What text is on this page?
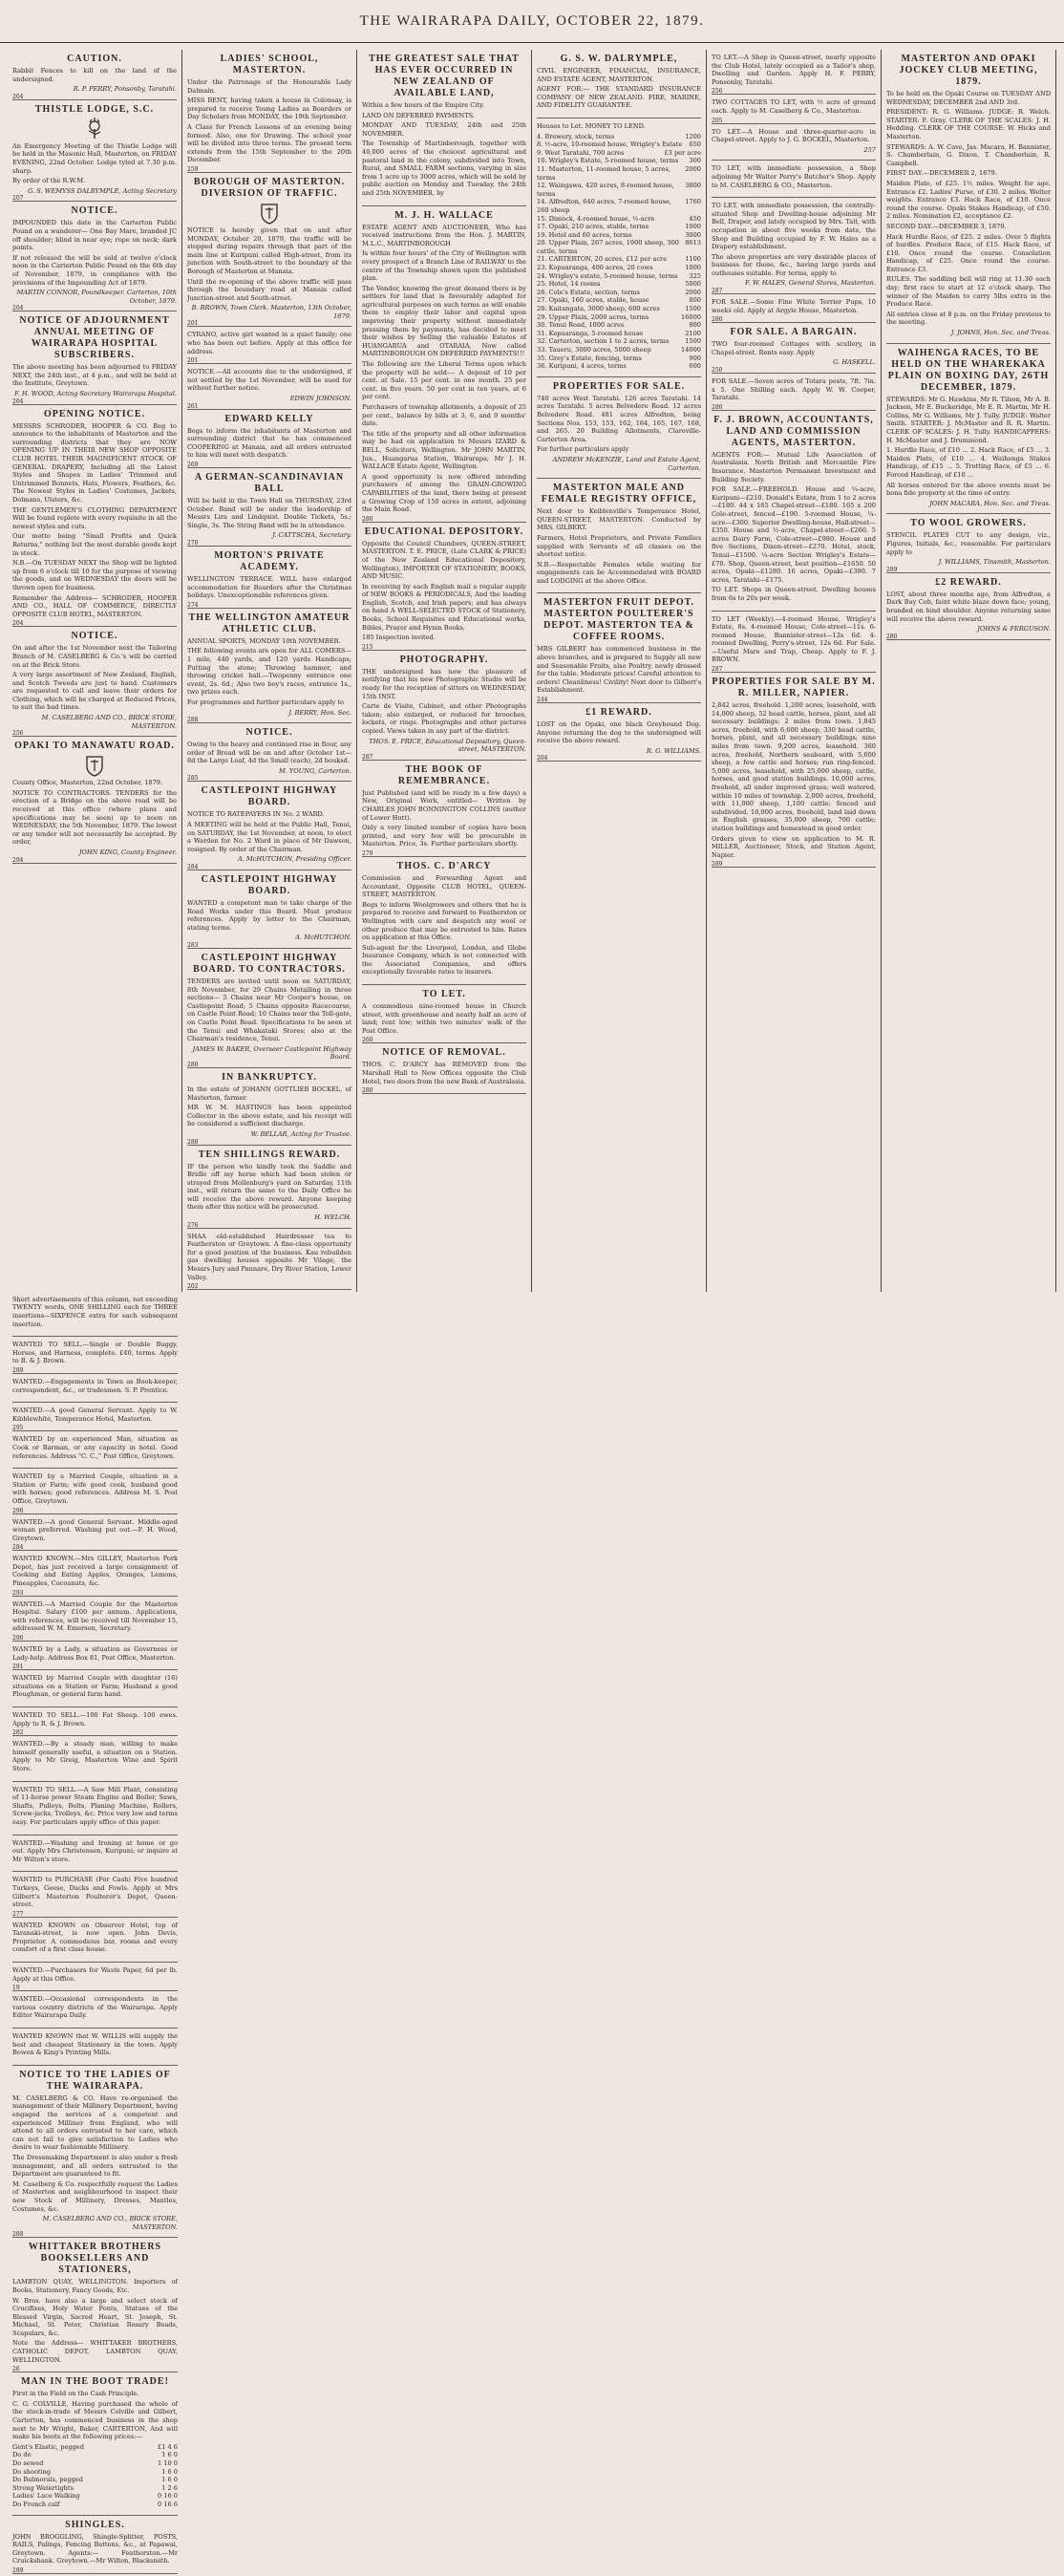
THE WAIRARAPA DAILY, OCTOBER 22, 1879.
CAUTION.

Rabbit Fences to kill on the land of the undersigned.

R. P. PERRY, Ponsonby, Taratahi.
204
THISTLE LODGE, S.C.

An Emergency Meeting of the Thistle Lodge will be held in the Masonic Hall, Masterton, on FRIDAY EVENING, 22nd October. Lodge tyled at 7.30 p.m. sharp.

By order of the R.W.M.

G. S. WEMYSS DALRYMPLE, Acting Secretary
207
NOTICE.

IMPOUNDED this date in the Carterton Public Pound on a wanderer— One Bay Mare, branded JC off shoulder; blind in near eye; rope on neck; dark points.

If not released the will be sold at twelve o'clock noon in the Carterton Public Pound on the 6th day of November, 1879, in compliance with the provisions of the Impounding Act of 1879.

MARTIN CONNOR, Poundkeeper. Carterton, 10th October, 1879.
204
NOTICE OF ADJOURNMENT ANNUAL MEETING OF WAIRARAPA HOSPITAL SUBSCRIBERS.

The above meeting has been adjourned to FRIDAY NEXT, the 24th inst., at 4 p.m., and will be held at the Institute, Greytown.

F. H. WOOD, Acting Secretary Wairarapa Hospital.
204
OPENING NOTICE.

MESSRS SCHRODER, HOOPER & CO. Beg to announce to the inhabitants of Masterton and the surrounding districts that they are NOW OPENING UP IN THEIR NEW SHOP OPPOSITE CLUB HOTEL THEIR MAGNIFICENT STOCK OF GENERAL DRAPERY, Including all the Latest Styles and Shapes in Ladies' Trimmed and Untrimmed Bonnets, Hats, Flowers, Feathers, &c. The Newest Styles in Ladies' Costumes, Jackets, Dolmans, Ulsters, &c.

THE GENTLEMEN'S CLOTHING DEPARTMENT Will be found replete with every requisite in all the newest styles and cuts.

Our motto being "Small Profits and Quick Returns," nothing but the most durable goods kept in stock.

N.B.—On TUESDAY NEXT the Shop will be lighted up from 6 o'clock till 10 for the purpose of viewing the goods, and on WEDNESDAY the doors will be thrown open for business.

Remember the Address— SCHRODER, HOOPER AND CO., HALL OF COMMERCE, DIRECTLY OPPOSITE CLUB HOTEL, MASTERTON.

204
NOTICE.

On and after the 1st November next the Tailoring Branch of M. CASELBERG & Co.'s will be carried on at the Brick Store.

A very large assortment of New Zealand, English, and Scotch Tweeds are just to hand. Customers are requested to call and leave their orders for Clothing, which will be charged at Reduced Prices, to suit the bad times.

M. CASELBERG AND CO., BRICK STORE, MASTERTON.
256
OPAKI TO MANAWATU ROAD.

County Office, Masterton, 22nd October, 1879.

NOTICE TO CONTRACTORS. TENDERS for the erection of a Bridge on the above road will be received at this office (where plans and specifications may be seen) up to noon on WEDNESDAY, the 5th November, 1879. The lowest or any tender will not necessarily be accepted. By order,

JOHN KING, County Engineer.
294
LADIES' SCHOOL, MASTERTON.

Under the Patronage of the Honourable Lady Dalmain.

MISS BENT, having taken a house in Colonsay, is prepared to receive Young Ladies as Boarders or Day Scholars from MONDAY, the 19th September.

A Class for French Lessons of an evening being formed. Also, one for Drawing. The school year will be divided into three terms. The present term extends from the 15th September to the 20th December.

259
BOROUGH OF MASTERTON. DIVERSION OF TRAFFIC.

NOTICE is hereby given that on and after MONDAY, October 20, 1879, the traffic will be stopped during repairs through that part of the main line at Kuripuni called High-street, from its junction with South-street to the boundary of the Borough of Masterton at Manaia.

Until the re-opening of the above traffic will pass through the boundary road at Manaia called Junction-street and South-street.

B. BROWN, Town Clerk. Masterton, 13th October, 1879.
201

CYRANO, active girl wanted in a quiet family; one who has been out before. Apply at this office for address.

201

NOTICE.—All accounts due to the undersigned, if not settled by the 1st November, will be sued for without further notice.

EDWIN JOHNSON.
261
EDWARD KELLY

Begs to inform the inhabitants of Masterton and surrounding district that he has commenced COOPERING at Manaia, and all orders entrusted to him will meet with despatch.

269
A GERMAN-SCANDINAVIAN BALL

Will be held in the Town Hall on THURSDAY, 23rd October. Band will be under the leadership of Messrs Lira and Lindquist. Double Tickets, 5s.; Single, 3s. The String Band will be in attendance.

J. CATTSCHA, Secretary.
270
MORTON'S PRIVATE ACADEMY.

WELLINGTON TERRACE. WILL have enlarged accommodation for Boarders after the Christmas holidays. Unexceptionable references given.

274
THE WELLINGTON AMATEUR ATHLETIC CLUB.

ANNUAL SPORTS, MONDAY 10th NOVEMBER.

THE following events are open for ALL COMERS— 1 mile, 440 yards, and 120 yards Handicaps; Putting the stone; Throwing hammer, and throwing cricket ball.—Twopenny entrance one event, 2s. 6d.; Also two boy's races, entrance 1s., two prizes each.

For programmes and further particulars apply to

J. BERRY, Hon. Sec.
288
NOTICE.

Owing to the heavy and continued rise in flour, any order of Bread will be on and after October 1st— 8d the Large Loaf, 4d the Small (each), 2d bouksd.

M. YOUNG, Carterton.
285
CASTLEPOINT HIGHWAY BOARD.

NOTICE TO RATEPAYERS IN No. 2 WARD.

A MEETING will be held at the Public Hall, Tenui, on SATURDAY, the 1st November, at noon, to elect a Warden for No. 2 Ward in place of Mr Dawson, resigned. By order of the Chairman.

A. McHUTCHON, Presiding Officer.
284
CASTLEPOINT HIGHWAY BOARD.

WANTED a competent man to take charge of the Road Works under this Board. Must produce references. Apply by letter to the Chairman, stating terms.

A. McHUTCHON.
283
CASTLEPOINT HIGHWAY BOARD. TO CONTRACTORS.

TENDERS are invited until noon on SATURDAY, 8th November, for 29 Chains Metalling in three sections— 5 Chains near Mr Cooper's house, on Castlepoint Road; 5 Chains opposite Racecourse, on Castle Point Road; 10 Chains near the Toll-gate, on Castle Point Road. Specifications to be seen at the Tenui and Whakataki Stores; also at the Chairman's residence, Tenui.

JAMES W. BAKER, Overseer Castlepoint Highway Board.
280
IN BANKRUPTCY.

In the estate of JOHANN GOTTLIEB BOCKEL, of Masterton, farmer.

MR W. M. HASTINGS has been appointed Collector in the above estate, and his receipt will be considered a sufficient discharge.

W. BELLAR, Acting for Trustee.
288
TEN SHILLINGS REWARD.

IF the person who kindly took the Saddle and Bridle off my horse which had been stolen or strayed from Mollenburg's yard on Saturday, 11th inst., will return the same to the Daily Office he will receive the above reward. Anyone keeping them after this notice will be prosecuted.

H. WELCH.
276

SHAA old-established Hairdresser tea to Featherston or Greytown. A fine-class opportunity for a good position of the business. Kau rebuilden gas dwelling houses opposite Mr Vilage, the Messrs Jury and Pannare, Dry River Station, Lower Valley.

202
THE GREATEST SALE THAT HAS EVER OCCURRED IN NEW ZEALAND OF AVAILABLE LAND,

Within a few hours of the Empire City.

LAND ON DEFERRED PAYMENTS.

MONDAY AND TUESDAY, 24th and 25th NOVEMBER.

The Township of Martinborough, together with 40,000 acres of the choicest agricultural and pastoral land in the colony, subdivided into Town, Rural, and SMALL FARM sections, varying in size from 1 acre up to 3000 acres, which will be sold by public auction on Monday and Tuesday, the 24th and 25th NOVEMBER, by

M. J. H. WALLACE

ESTATE AGENT AND AUCTIONEER, Who has received instructions from the Hon. J. MARTIN, M.L.C., MARTINBOROUGH

Is within four hours' of the City of Wellington with every prospect of a Branch Line of RAILWAY to the centre of the Township shown upon the published plan.

The Vendor, knowing the great demand there is by settlers for land that is favourably adapted for agricultural purposes on such terms as will enable them to employ their labor and capital upon improving their property without immediately pressing them by payments, has decided to meet their wishes by Selling the valuable Estates of HUANGARUA and OTARAIA, Now called MARTINBOROUGH ON DEFERRED PAYMENTS!!!

The following are the Liberal Terms upon which the property will be sold:— A deposit of 10 per cent. at Sale. 15 per cent. in one month. 25 per cent. in five years. 50 per cent in ten years, at 6 per cent.

Purchasers of township allotments, a deposit of 25 per cent., balance by bills at 3, 6, and 9 months' date.

The title of the property and all other information may be had on application to Messrs IZARD & BELL, Solicitors, Wellington. Mr JOHN MARTIN, Jun., Huangarua Station, Wairarapa; Mr J. H. WALLACE Estate Agent, Wellington.

A good opportunity is now offered intending purchasers of among the GRAIN-GROWING CAPABILITIES of the land, there being at present a Growing Crop of 150 acres in extent, adjoining the Main Road.

280
EDUCATIONAL DEPOSITORY.

Opposite the Council Chambers, QUEEN-STREET, MASTERTON. T. E. PRICE, (Late CLARK & PRICE) of the New Zealand Educational Depository, Wellington), IMPORTER OF STATIONERY, BOOKS, AND MUSIC.

In receiving by each English mail a regular supply of NEW BOOKS & PERIODICALS, And the leading English, Scotch, and Irish papers; and has always on hand A WELL-SELECTED STOCK of Stationery, Books, School Requisites and Educational works, Bibles, Prayer and Hymn Books.

185 Inspection invited.

215
PHOTOGRAPHY.

THE undersigned has now the pleasure of notifying that his new Photographic Studio will be ready for the reception of sitters on WEDNESDAY, 15th INST.

Carte de Visite, Cabinet, and other Photographs taken; also enlarged, or reduced for brooches, lockets, or rings. Photographs and other pictures copied. Views taken in any part of the district.

THOS. E. PRICE, Educational Depository, Queen-street, MASTERTON.
287
THE BOOK OF REMEMBRANCE.

Just Published (and will be ready in a few days) a New, Original Work, entitled— Written by CHARLES JOHN BONNINGTON COLLINS (author of Lower Hutt).

Only a very limited number of copies have been printed, and very few will be procurable in Masterton. Price, 3s. Further particulars shortly.

279
THOS. C. D'ARCY

Commission and Forwarding Agent and Accountant, Opposite CLUB HOTEL, QUEEN-STREET, MASTERTON.

Begs to inform Woolgrowers and others that he is prepared to receive and forward to Featherston or Wellington with care and despatch any wool or other produce that may be entrusted to him. Rates on application at this Office.

Sub-agent for the Liverpool, London, and Globe Insurance Company, which is not connected with the Associated Companies, and offers exceptionally favorable rates to insurers.

TO LET.

A commodious nine-roomed house in Church street, with greenhouse and nearly half an acre of land; rent low; within two minutes' walk of the Post Office.

260
NOTICE OF REMOVAL.

THOS. C. D'ARCY has REMOVED from the Marshall Hall to New Offices opposite the Club Hotel, two doors from the new Bank of Australasia.

280
G. S. W. DALRYMPLE,

CIVIL ENGINEER, FINANCIAL, INSURANCE, AND ESTATE AGENT, MASTERTON.

AGENT FOR:— THE STANDARD INSURANCE COMPANY OF NEW ZEALAND. FIRE, MARINE, AND FIDELITY GUARANTEE.

Houses to Let. MONEY TO LEND.

4. Brewery, stock, terms	1200
8. ½-acre, 10-roomed house, Wrigley's Estate 650
9. West Taratahi, 700 acres	£3 per acre
10. Wrigley's Estate, 5-roomed house, terms 300
11. Masterton, 11-roomed house, 5 acres, terms
2000
12. Waingawa, 420 acres, 8-roomed house, terms
3800
14. Alfredton, 640 acres, 7-roomed house, 260 sheep
1760
15. Dimock, 4-roomed house, ½-acre	450
17. Opaki, 210 acres, stable, terms	1000
19. Hotel and 60 acres, terms	3000
20. Upper Plain, 267 acres, 1900 sheep, 300 cattle, terms
8613
21. CARTERTON, 20 acres, £12 per acre	1100
23. Kopuaranga, 400 acres, 20 cows	1000
24. Wrigley's estate, 5-roomed house, terms 325
25. Hotel, 14 rooms	5000
26. Cole's Estate, section, terms	2000
27. Opaki, 160 acres, stable, house	800
28. Kaitangata, 3000 sheep, 600 acres	1500
29. Upper Plain, 2000 acres, terms	16000
30. Tenui Road, 1000 acres	800
31. Kopuaranga, 5-roomed house	2100
32. Carterton, section 1 to 2 acres, terms	1500
33. Taueru, 3000 acres, 5000 sheep	14000
35. Grey's Estate, fencing, terms	900
36. Kuripuni, 4 acres, terms	600
PROPERTIES FOR SALE.

740 acres West Taratahi. 126 acres Taratahi. 14 acres Taratahi. 5 acres Belvedere Road. 12 acres Belvedere Road. 481 acres Alfredton, being Sections Nos. 153, 153, 162, 164, 165, 167, 168, and 265. 20 Building Allotments, Clareville-Carterton Area.

For further particulars apply

ANDREW McKENZIE, Land and Estate Agent, Carterton.
MASTERTON MALE AND FEMALE REGISTRY OFFICE,

Next door to Keiblenville's Temperance Hotel, QUEEN-STREET, MASTERTON. Conducted by MRS. GILBERT.

Farmers, Hotel Proprietors, and Private Families supplied with Servants of all classes on the shortest notice.

N.B.—Respectable Females while waiting for engagements can be Accommodated with BOARD and LODGING at the above Office.

MASTERTON FRUIT DEPOT. MASTERTON POULTERER'S DEPOT. MASTERTON TEA & COFFEE ROOMS.

MRS GILBERT has commenced business in the above branches, and is prepared to Supply all new and Seasonable Fruits, also Poultry, newly dressed for the table. Moderate prices! Careful attention to orders! Cleanliness! Civility! Next door to Gilbert's Establishment.

244
£1 REWARD.

LOST on the Opaki, one black Greyhound Dog. Anyone returning the dog to the undersigned will receive the above reward.

R. G. WILLIAMS.
204

TO LET.—A Shop in Queen-street, nearly opposite the Club Hotel, lately occupied as a Tailor's shop, Dwelling and Garden. Apply H. F. PERRY, Ponsonby, Taratahi.

256

TWO COTTAGES TO LET, with ½ acre of ground each. Apply to M. Caselberg & Co., Masterton.

205

TO LET.—A House and three-quarter-acre in Chapel-street. Apply to J. G. BOCKEL, Masterton.

257

TO LET, with immediate possession, a Shop adjoining Mr Walter Perry's Butcher's Shop. Apply to M. CASELBERG & CO., Masterton.

TO LET, with immediate possession, the centrally-situated Shop and Dwelling-house adjoining Mr Bell, Draper, and lately occupied by Mrs. Tait, with occupation in about five weeks from date, the Shop and Building occupied by F. W. Hales as a Drapery establishment.

The above properties are very desirable places of business for those, &c., having large yards and outhouses suitable. For terms, apply to

F. W. HALES, General Stores, Masterton.
287

FOR SALE.—Some Fine White Terrier Pups, 10 weeks old. Apply at Argyle House, Masterton.

280
FOR SALE. A BARGAIN.

TWO four-roomed Cottages with scullery, in Chapel-street. Rents easy. Apply

G. HASKELL.
250

FOR SALE.—Seven acres of Totara posts, 7ft. 7in. x 5. One Shilling each. Apply W. W. Cooper, Taratahi.

280
F. J. BROWN, ACCOUNTANTS, LAND AND COMMISSION AGENTS, MASTERTON.

AGENTS FOR:— Mutual Life Association of Australasia. North British and Mercantile Fire Insurance. Masterton Permanent Investment and Building Society.

FOR SALE.—FREEHOLD. House and ¼-acre, Kuripuni—£210. Donald's Estate, from 1 to 2 acres—£180. 44 x 165 Chapel-street—£180. 165 x 200 Cole-street, fenced—£190. 5-roomed House, ¼-acre—£300. Superior Dwelling-house, Hall-street—£350. House and ½-acre, Chapel-street—£260. 5 acres Dairy Farm, Cole-street—£980. House and five Sections, Dixon-street—£270. Hotel, stock, Tenui—£1500. ¼-acre Section Wrigley's Estate—£70. Shop, Queen-street, best position—£1650. 50 acres, Opaki—£1280. 16 acres, Opaki—£390. 7 acres, Taratahi—£175.

TO LET. Shops in Queen-street. Dwelling houses from 6s to 20s per week.

TO LET (Weekly).—4-roomed House, Wrigley's Estate, 8s. 4-roomed House, Cole-street—11s. 6-roomed House, Bannister-street—12s 6d. 4-roomed Dwelling, Perry's-street, 12s 6d. For Sale.—Useful Mare and Trap, Cheap. Apply to F. J. BROWN.

287
PROPERTIES FOR SALE BY M. R. MILLER, NAPIER.

2,842 acres, freehold. 1,200 acres, leasehold, with 14,000 sheep, 52 head cattle, horses, plant, and all necessary buildings; 2 miles from town. 1,845 acres, freehold, with 6,600 sheep, 330 head cattle, horses, plant, and all necessary buildings; nine miles from town. 9,200 acres, leasehold. 360 acres, freehold, Northern seaboard, with 5,600 sheep, a few cattle and horses; run ring-fenced. 5,000 acres, leasehold, with 25,000 sheep, cattle, horses, and good station buildings. 10,000 acres, freehold, all under improved grass; well watered, within 10 miles of township. 2,000 acres, freehold, with 11,000 sheep, 1,100 cattle; fenced and subdivided. 10,000 acres, freehold, land laid down in English grasses, 35,000 sheep, 700 cattle; station buildings and homestead in good order.

Orders given to view on application to M. R. MILLER, Auctioneer, Stock, and Station Agent, Napier.

289
MASTERTON AND OPAKI JOCKEY CLUB MEETING, 1879.

To be held on the Opaki Course on TUESDAY AND WEDNESDAY, DECEMBER 2nd AND 3rd.

PRESIDENT: R. G. Williams. JUDGE: R. Welch. STARTER: F. Gray. CLERK OF THE SCALES: J. H. Hedding. CLERK OF THE COURSE: W. Hicks and Masterton.

STEWARDS: A. W. Cave, Jas. Macara, H. Bannister, S. Chamberlain, G. Dixon, T. Chamberlain, R. Campbell.

FIRST DAY.—DECEMBER 2, 1879.

Maiden Plate, of £25. 1½ miles. Weight for age. Entrance £2. Ladies' Purse, of £30. 2 miles. Welter weights. Entrance £3. Hack Race, of £10. Once round the course. Opaki Stakes Handicap, of £50. 2 miles. Nomination £2, acceptance £2.

SECOND DAY.—DECEMBER 3, 1879.

Hack Hurdle Race, of £25. 2 miles. Over 5 flights of hurdles. Produce Race, of £15. Hack Race, of £10. Once round the course. Consolation Handicap, of £25. Once round the course. Entrance £3.

RULES. The saddling bell will ring at 11.30 each day; first race to start at 12 o'clock sharp. The winner of the Maiden to carry 5lbs extra in the Produce Race.

All entries close at 8 p.m. on the Friday previous to the meeting.

J. JOHNS, Hon. Sec. and Treas.
WAIHENGA RACES, TO BE HELD ON THE WHAREKAKA PLAIN ON BOXING DAY, 26TH DECEMBER, 1879.

STEWARDS: Mr G. Hawkins, Mr R. Tilson, Mr A. B. Jackson, Mr E. Buckeridge, Mr E. R. Martin, Mr H. Collins, Mr G. Williams, Mr J. Tully. JUDGE: Walter Smith. STARTER: J. McMaster and R. R. Martin. CLERK OF SCALES: J. H. Tully. HANDICAPPERS: H. McMaster and J. Drummond.

1. Hurdle Race, of £10 ... 2. Hack Race, of £5 ... 3. Maiden Plate, of £10 ... 4. Waihenga Stakes Handicap, of £15 ... 5. Trotting Race, of £5 ... 6. Forced Handicap, of £10 ...

All horses entered for the above events must be bona fide property at the time of entry.

JOHN MACARA, Hon. Sec. and Treas.
TO WOOL GROWERS.

STENCIL PLATES CUT to any design, viz., Figures, Initials, &c., reasonable. For particulars apply to

J. WILLIAMS, Tinsmith, Masterton.
289
£2 REWARD.

LOST, about three months ago, from Alfredton, a Dark Bay Cob, faint white blaze down face; young, branded on hind shoulder. Anyone returning same will receive the above reward.

JOHNS & FERGUSON.
280

Short advertisements of this column, not exceeding TWENTY words, ONE SHILLING each for THREE insertions—SIXPENCE extra for each subsequent insertion.

WANTED TO SELL.—Single or Double Buggy, Horses, and Harness, complete. £40, terms. Apply to B. & J. Brown.

289

WANTED.—Engagements in Town as Book-keeper, correspondent, &c., or tradesmen. S. P. Prentice.

WANTED.—A good General Servant. Apply to W. Kibblewhite, Temperance Hotel, Masterton.

295

WANTED by an experienced Man, situation as Cook or Barman, or any capacity in hotel. Good references. Address "C. C.," Post Office, Greytown.

WANTED by a Married Couple, situation in a Station or Farm; wife good cook, husband good with horses; good references. Address M. S. Post Office, Greytown.

290

WANTED.—A good General Servant. Middle-aged woman preferred. Washing put out.—F. H. Wood, Greytown.

284

WANTED KNOWN.—Mrs GILLEY, Masterton Pork Depot, has just received a large consignment of Cooking and Eating Apples, Oranges, Lemons, Pineapples, Cocoanuts, &c.

293

WANTED.—A Married Couple for the Masterton Hospital. Salary £100 per annum. Applications, with references, will be received till November 15, addressed W. M. Emerson, Secretary.

290

WANTED by a Lady, a situation as Governess or Lady-help. Address Box 81, Post Office, Masterton.

291

WANTED by Married Couple with daughter (16) situations on a Station or Farm; Husband a good Ploughman, or general farm hand.

WANTED TO SELL.—100 Fat Sheep. 100 ewes. Apply to R. & J. Brown.

282

WANTED.—By a steady man, willing to make himself generally useful, a situation on a Station. Apply to Mr Greig, Masterton Wine and Spirit Store.

WANTED TO SELL.—A Saw Mill Plant, consisting of 11-horse power Steam Engine and Boiler, Saws, Shafts, Pulleys, Belts, Planing Machine, Rollers, Screw-jacks, Trolleys, &c. Price very low and terms easy. For particulars apply office of this paper.

WANTED.—Washing and Ironing at home or go out. Apply Mrs Christensen, Kuripuni; or inquire at Mr Wilton's store.

WANTED to PURCHASE (For Cash) Five hundred Turkeys, Geese, Ducks and Fowls. Apply at Mrs Gilbert's Masterton Poulterer's Depot, Queen-street.

277

WANTED KNOWN on Observer Hotel, top of Taranaki-street, is now open. John Devis, Proprietor. A commodious bar, rooms and every comfort of a first class house.

WANTED.—Purchasers for Waste Paper, 6d per lb. Apply at this Office.

19

WANTED.—Occasional correspondents in the various country districts of the Wairarapa. Apply Editor Wairarapa Daily.

WANTED KNOWN that W. WILLIS will supply the best and cheapest Stationery in the town. Apply Bowen & King's Printing Mills.

NOTICE TO THE LADIES OF THE WAIRARAPA.

M. CASELBERG & CO. Have re-organised the management of their Millinery Department, having engaged the services of a competent and experienced Milliner from England, who will attend to all orders entrusted to her care, which can not fail to give satisfaction to Ladies who desire to wear fashionable Millinery.

The Dressmaking Department is also under a fresh management, and all orders entrusted to the Department are guaranteed to fit.

M. Caselberg & Co. respectfully request the Ladies of Masterton and neighbourhood to inspect their new Stock of Millinery, Dresses, Mantles, Costumes, &c.

M. CASELBERG AND CO., BRICK STORE, MASTERTON.
288
WHITTAKER BROTHERS BOOKSELLERS AND STATIONERS,

LAMBTON QUAY, WELLINGTON. Importers of Books, Stationery, Fancy Goods, Etc.

W. Bros. have also a large and select stock of Crucifixes, Holy Water Fonts, Statues of the Blessed Virgin, Sacred Heart, St. Joseph, St. Michael, St. Peter, Christian Rosary Beads, Scapulars, &c.

Note the Address— WHITTAKER BROTHERS, CATHOLIC DEPOT, LAMBTON QUAY, WELLINGTON.

26
MAN IN THE BOOT TRADE!

First in the Field on the Cash Principle.

C. G. COLVILLE, Having purchased the whole of the stock-in-trade of Messrs Colville and Gilbert, Carterton, has commenced business in the shop next to Mr Wright, Baker, CARTERTON, And will make his boots at the following prices:—

Gent's Elastic, pegged	£1 4 6
Do do	1 6 0
Do sewed	1 10 0
Do shooting	1 6 0
Do Balmorals, pegged	1 6 0
Strong Watertights	1 2 6
Ladies' Lace Walking	0 16 0
Do French calf	0 16 6
SHINGLES.

JOHN BROGGLING, Shingle-Splitter, POSTS, RAILS, Palings, Fencing Battens, &c., at Papawai, Greytown. Agents:— Featherston.—Mr Cruickshank. Greytown.—Mr Wilton, Blacksmith.

289
